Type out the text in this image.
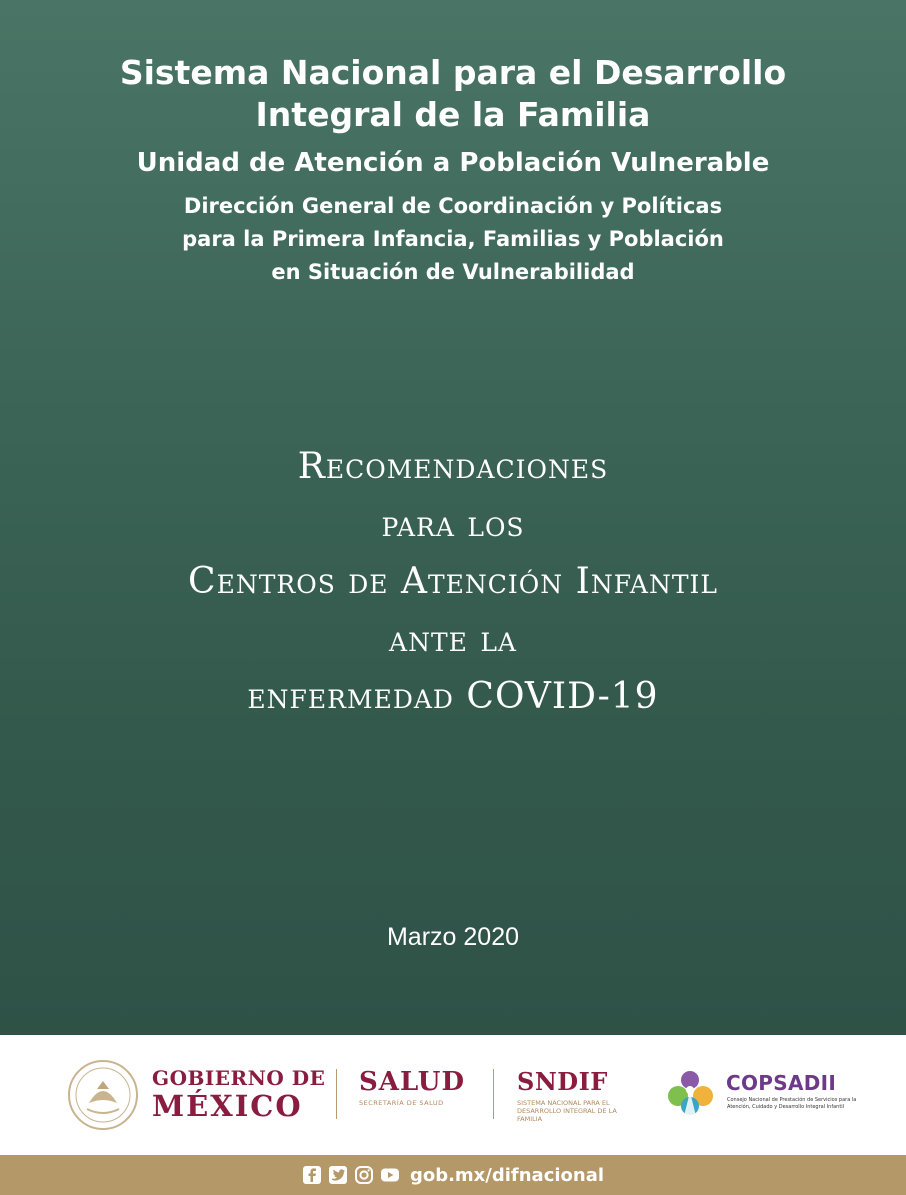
Sistema Nacional para el Desarrollo
Integral de la Familia

Unidad de Atención a Población Vulnerable

Dirección General de Coordinación y Políticas
para la Primera Infancia, Familias y Población
en Situación de Vulnerabilidad

Recomendaciones
para los
Centros de Atención Infantil
ante la
enfermedad COVID-19
Marzo 2020
GOBIERNO DE
MÉXICO
SALUD
SECRETARÍA DE SALUD
SNDIF
SISTEMA NACIONAL PARA EL DESARROLLO INTEGRAL DE LA FAMILIA
COPSADII
Consejo Nacional de Prestación de Servicios para la Atención, Cuidado y Desarrollo Integral Infantil
gob.mx/difnacional
